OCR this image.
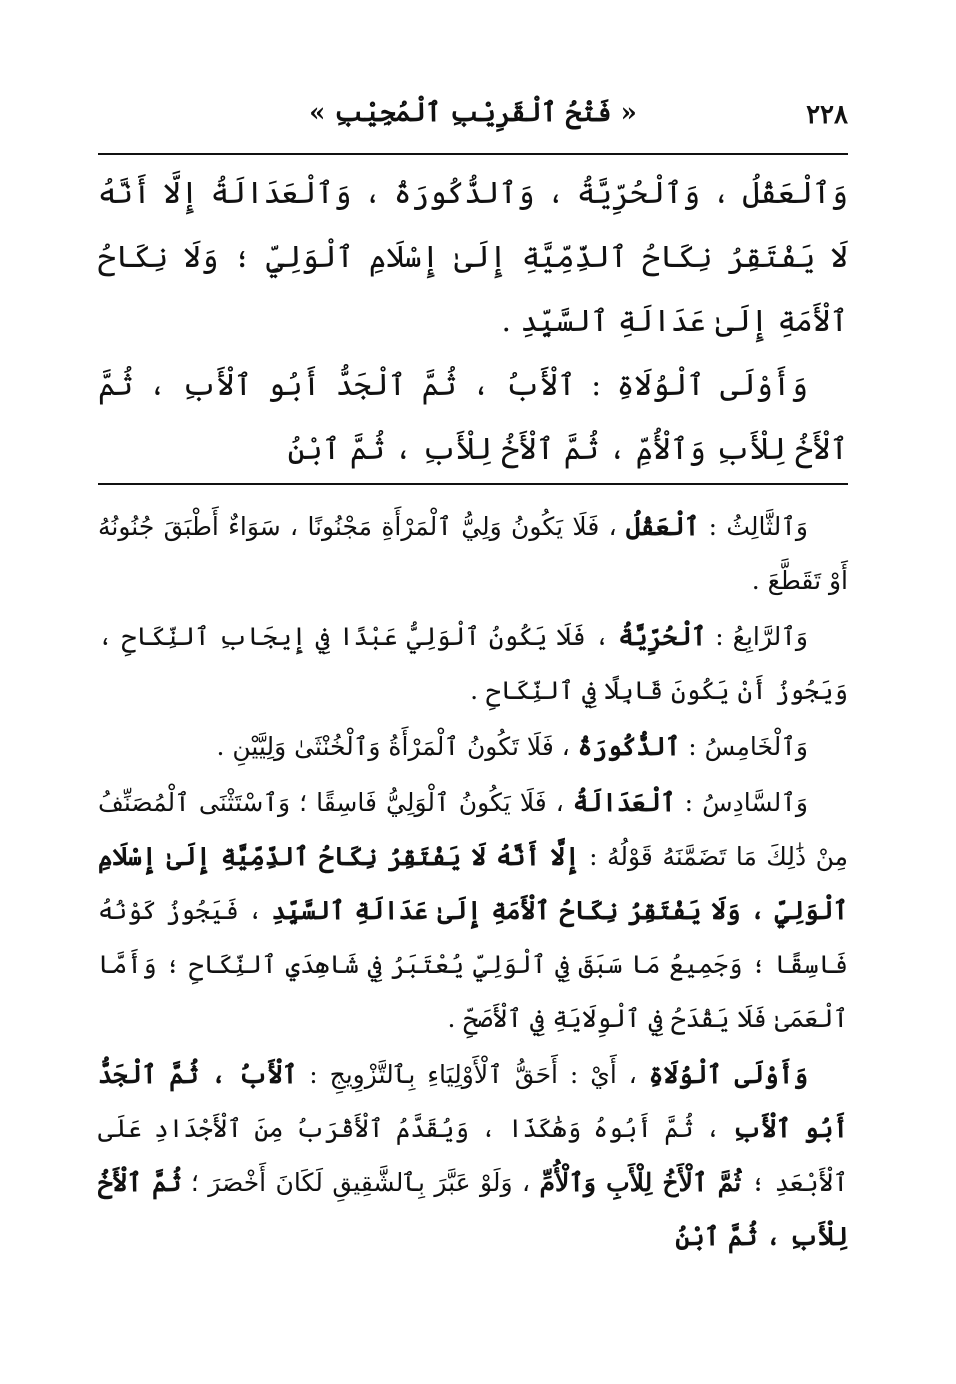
٢٢٨
« فَتْحُ ٱلْقَرِيْبِ ٱلْمُجِيْبِ »

وَٱلْعَقْلُ ، وَٱلْحُرِّيَّةُ ، وَٱلذُّكُورَةُ ، وَٱلْعَدَالَةُ إِلَّا أَنَّهُ لَا يَفْتَقِرُ نِكَاحُ ٱلذِّمِّيَّةِ إِلَىٰ إِسْلَامِ ٱلْوَلِيِّ ؛ وَلَا نِكَاحُ ٱلْأَمَةِ إِلَىٰ عَدَالَةِ ٱلسَّيِّدِ .

وَأَوْلَى ٱلْوُلَاةِ : ٱلْأَبُ ، ثُمَّ ٱلْجَدُّ أَبُو ٱلْأَبِ ، ثُمَّ ٱلْأَخُ لِلْأَبِ وَٱلْأُمِّ ، ثُمَّ ٱلْأَخُ لِلْأَبِ ، ثُمَّ ٱبْنُ

وَٱلثَّالِثُ : ٱلْعَقْلُ ، فَلَا يَكُونُ وَلِيُّ ٱلْمَرْأَةِ مَجْنُونًا ، سَوَاءٌ أَطْبَقَ جُنُونُهُ أَوْ تَقَطَّعَ .

وَٱلرَّابِعُ : ٱلْحُرِّيَّةُ ، فَلَا يَكُونُ ٱلْوَلِيُّ عَبْدًا فِي إِيجَابِ ٱلنِّكَاحِ ، وَيَجُوزُ أَنْ يَكُونَ قَابِلًا فِي ٱلنِّكَاحِ .

وَٱلْخَامِسُ : ٱلذُّكُورَةُ ، فَلَا تَكُونُ ٱلْمَرْأَةُ وَٱلْخُنْثَىٰ وَلِيَّيْنِ .

وَٱلسَّادِسُ : ٱلْعَدَالَةُ ، فَلَا يَكُونُ ٱلْوَلِيُّ فَاسِقًا ؛ وَٱسْتَثْنَى ٱلْمُصَنِّفُ مِنْ ذَٰلِكَ مَا تَضَمَّنَهُ قَوْلُهُ : إِلَّا أَنَّهُ لَا يَفْتَقِرُ نِكَاحُ ٱلذِّمِّيَّةِ إِلَىٰ إِسْلَامِ ٱلْوَلِيِّ ، وَلَا يَفْتَقِرُ نِكَاحُ ٱلْأَمَةِ إِلَىٰ عَدَالَةِ ٱلسَّيِّدِ ، فَيَجُوزُ كَوْنُهُ فَاسِقًا ؛ وَجَمِيعُ مَا سَبَقَ فِي ٱلْوَلِيِّ يُعْتَبَرُ فِي شَاهِدَيِ ٱلنِّكَاحِ ؛ وَأَمَّا ٱلْعَمَىٰ فَلَا يَقْدَحُ فِي ٱلْوِلَايَةِ فِي ٱلْأَصَحِّ .

وَأَوْلَى ٱلْوُلَاةِ ، أَيْ : أَحَقُّ ٱلْأَوْلِيَاءِ بِٱلتَّزْوِيجِ : ٱلْأَبُ ، ثُمَّ ٱلْجَدُّ أَبُو ٱلْأَبِ ، ثُمَّ أَبُوهُ وَهَٰكَذَا ، وَيُقَدَّمُ ٱلْأَقْرَبُ مِنَ ٱلْأَجْدَادِ عَلَى ٱلْأَبْعَدِ ؛ ثُمَّ ٱلْأَخُ لِلْأَبِ وَٱلْأُمِّ ، وَلَوْ عَبَّرَ بِٱلشَّقِيقِ لَكَانَ أَخْصَرَ ؛ ثُمَّ ٱلْأَخُ لِلْأَبِ ، ثُمَّ ٱبْنُ
